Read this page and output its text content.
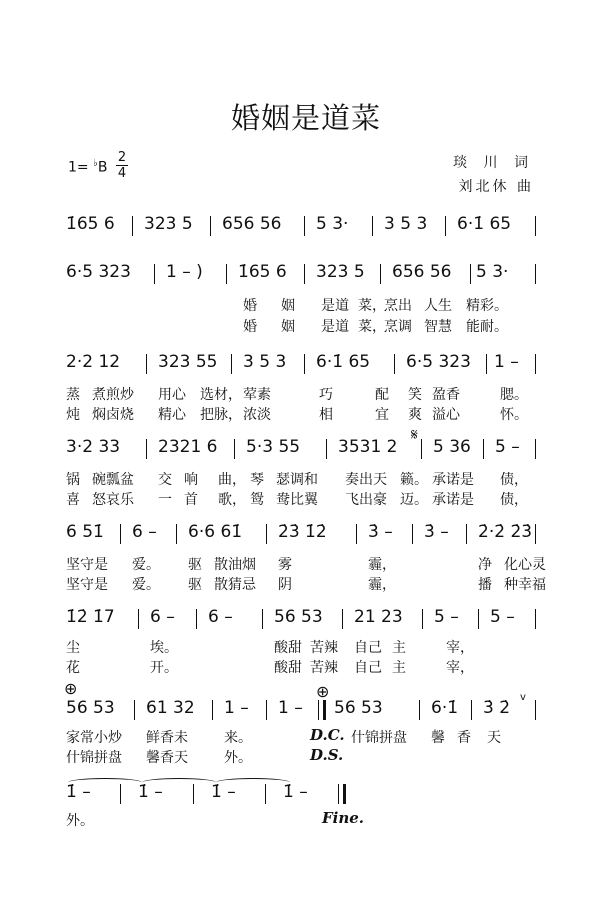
婚姻是道菜
1= ♭B
2
4
琰 川 词
刘北休 曲
1̇65 6 323 5 656 56 5 3· 3 5 3 6·1̇ 65
6·5 323 1 – ) 1̇65 6 323 5 656 56 5 3·
婚 姻 是道 菜，
烹出 人生 精彩。
婚 姻 是道 菜，
烹调 智慧 能耐。
2·2 12 323 55 3 5 3 6·1̇ 65 6·5 323 1 –
蒸 煮煎炒 用心 选材， 荤素	巧	配 笑 盈香	腮。
炖 焖卤烧 精心 把脉， 浓淡	相	宜 爽 溢心	怀。
𝄋
3·2 33 2321 6 5·3 55 3531 2 5 36 5 –
锅 碗瓢盆 交 响 曲， 琴 瑟调和 奏出天 籁。 承诺是 债，
喜 怒哀乐 一 首 歌， 鸳 鸯比翼 飞出豪 迈。 承诺是 债，
6 51̇ 6 – 6·6 61̇ 2̇3̇ 1̇2̇ 3̇ – 3̇ – 2̇·2̇ 2̇3̇
坚守是 爱。 驱 散油烟 雾	霾，	净 化心灵
坚守是 爱。 驱 散猜忌 阴	霾，	播 种幸福
1̇2̇ 1̇7 6 – 6 – 56 53 21 23 5 – 5 –
尘	埃。	酸甜 苦辣 自己 主	宰，
花	开。	酸甜 苦辣 自己 主	宰，
⊕	⊕
56 53 61 32 1 – 1 – 56 53	6·1̇ 3̇ 2̇
v
家常小炒 鲜香未	来。	D.C. 什锦拼盘 馨 香 天
什锦拼盘 馨香天	外。	D.S.
1̇ –	1̇ –	1̇ –	1̇ –
外。	Fine.
